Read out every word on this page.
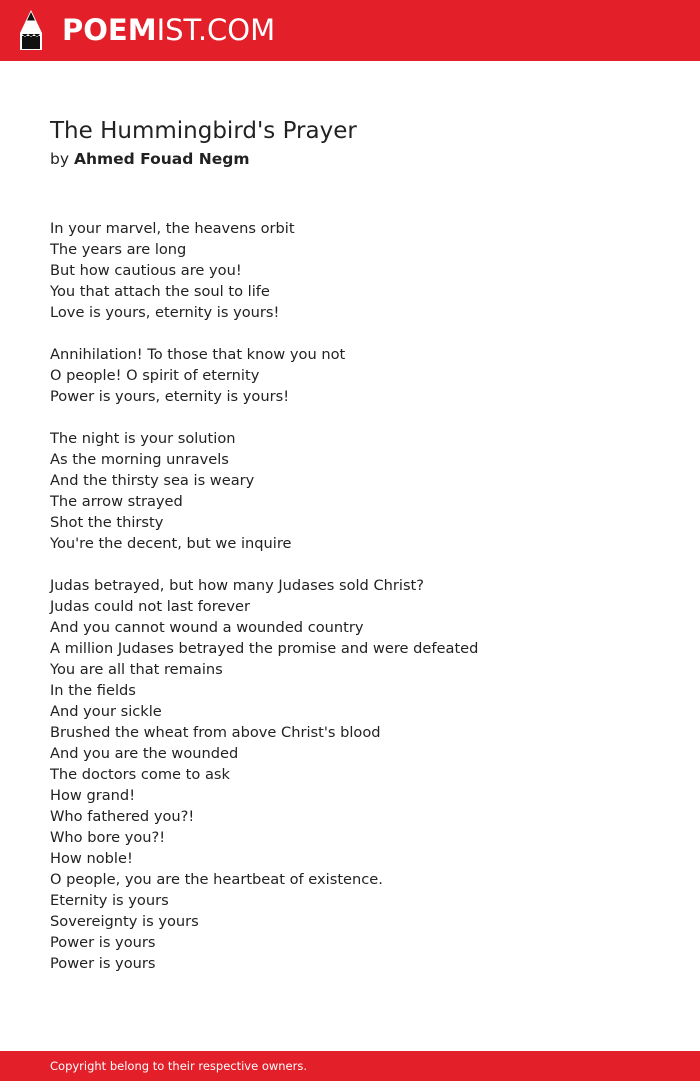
POEMIST.COM
The Hummingbird's Prayer
by Ahmed Fouad Negm
In your marvel, the heavens orbit
The years are long
But how cautious are you!
You that attach the soul to life
Love is yours, eternity is yours!
Annihilation! To those that know you not
O people! O spirit of eternity
Power is yours, eternity is yours!
The night is your solution
As the morning unravels
And the thirsty sea is weary
The arrow strayed
Shot the thirsty
You're the decent, but we inquire
Judas betrayed, but how many Judases sold Christ?
Judas could not last forever
And you cannot wound a wounded country
A million Judases betrayed the promise and were defeated
You are all that remains
In the fields
And your sickle
Brushed the wheat from above Christ's blood
And you are the wounded
The doctors come to ask
How grand!
Who fathered you?!
Who bore you?!
How noble!
O people, you are the heartbeat of existence.
Eternity is yours
Sovereignty is yours
Power is yours
Power is yours
Copyright belong to their respective owners.
